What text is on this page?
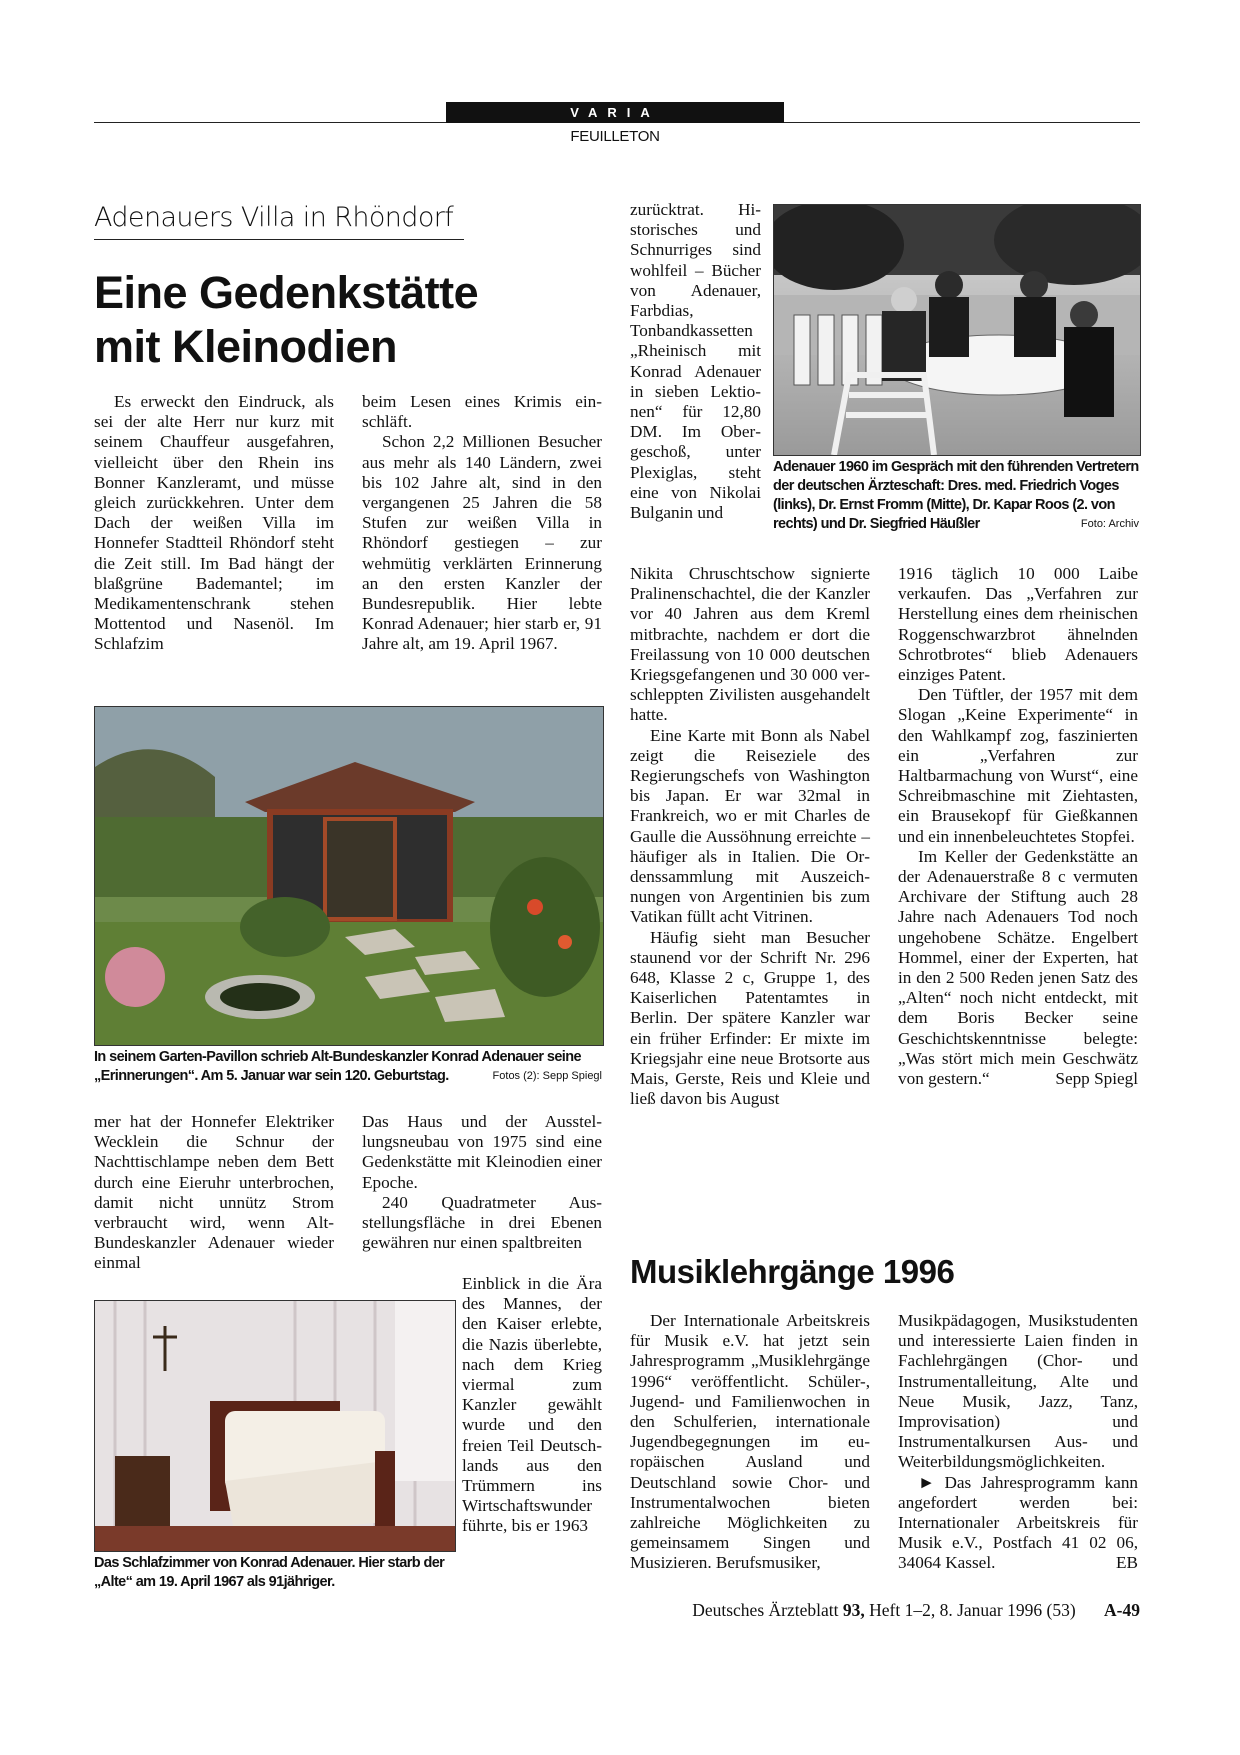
VARIA
FEUILLETON
Adenauers Villa in Rhöndorf
Eine Gedenkstätte
mit Kleinodien

Es erweckt den Eindruck, als sei der alte Herr nur kurz mit seinem Chauffeur ausgefahren, vielleicht über den Rhein ins Bonner Kanzleramt, und müsse gleich zurückkehren. Unter dem Dach der weißen Villa im Honnefer Stadtteil Rhöndorf steht die Zeit still. Im Bad hängt der blaßgrüne Bademantel; im Medikamentenschrank stehen Mottentod und Nasenöl. Im Schlafzim

beim Lesen eines Krimis einschläft.

Schon 2,2 Millionen Besucher aus mehr als 140 Ländern, zwei bis 102 Jahre alt, sind in den vergangenen 25 Jahren die 58 Stufen zur weißen Villa in Rhöndorf gestiegen – zur wehmütig verklärten Erinnerung an den ersten Kanzler der Bundesrepublik. Hier lebte Konrad Adenauer; hier starb er, 91 Jahre alt, am 19. April 1967.

zurücktrat. Historisches und Schnurriges sind wohlfeil – Bücher von Adenauer, Farbdias, Tonbandkassetten „Rheinisch mit Konrad Adenauer in sieben Lektionen“ für 12,80 DM. Im Obergeschoß, unter Plexiglas, steht eine von Nikolai Bulganin und

Adenauer 1960 im Gespräch mit den führenden Vertretern der deutschen Ärzteschaft: Dres. med. Friedrich Voges (links), Dr. Ernst Fromm (Mitte), Dr. Kapar Roos (2. von rechts) und Dr. Siegfried Häußler	Foto: Archiv
In seinem Garten-Pavillon schrieb Alt-Bundeskanzler Konrad Adenauer seine „Erinnerungen“. Am 5. Januar war sein 120. Geburtstag.	Fotos (2): Sepp Spiegl

mer hat der Honnefer Elektriker Wecklein die Schnur der Nachttischlampe neben dem Bett durch eine Eieruhr unterbrochen, damit nicht unnütz Strom verbraucht wird, wenn Alt-Bundeskanzler Adenauer wieder einmal

Das Haus und der Ausstellungsneubau von 1975 sind eine Gedenkstätte mit Kleinodien einer Epoche.

240 Quadratmeter Ausstellungsfläche in drei Ebenen gewähren nur einen spaltbreiten

Einblick in die Ära des Mannes, der den Kaiser erlebte, die Nazis überlebte, nach dem Krieg viermal zum Kanzler gewählt wurde und den freien Teil Deutschlands aus den Trümmern ins Wirtschaftswunder führte, bis er 1963

Das Schlafzimmer von Konrad Adenauer. Hier starb der „Alte“ am 19. April 1967 als 91jähriger.

Nikita Chruschtschow signierte Pralinenschachtel, die der Kanzler vor 40 Jahren aus dem Kreml mitbrachte, nachdem er dort die Freilassung von 10 000 deutschen Kriegsgefangenen und 30 000 verschleppten Zivilisten ausgehandelt hatte.

Eine Karte mit Bonn als Nabel zeigt die Reiseziele des Regierungschefs von Washington bis Japan. Er war 32mal in Frankreich, wo er mit Charles de Gaulle die Aussöhnung erreichte – häufiger als in Italien. Die Ordenssammlung mit Auszeichnungen von Argentinien bis zum Vatikan füllt acht Vitrinen.

Häufig sieht man Besucher staunend vor der Schrift Nr. 296 648, Klasse 2 c, Gruppe 1, des Kaiserlichen Patentamtes in Berlin. Der spätere Kanzler war ein früher Erfinder: Er mixte im Kriegsjahr eine neue Brotsorte aus Mais, Gerste, Reis und Kleie und ließ davon bis August

1916 täglich 10 000 Laibe verkaufen. Das „Verfahren zur Herstellung eines dem rheinischen Roggenschwarzbrot ähnelnden Schrotbrotes“ blieb Adenauers einziges Patent.

Den Tüftler, der 1957 mit dem Slogan „Keine Experimente“ in den Wahlkampf zog, faszinierten ein „Verfahren zur Haltbarmachung von Wurst“, eine Schreibmaschine mit Ziehtasten, ein Brausekopf für Gießkannen und ein innenbeleuchtetes Stopfei.

Im Keller der Gedenkstätte an der Adenauerstraße 8 c vermuten Archivare der Stiftung auch 28 Jahre nach Adenauers Tod noch ungehobene Schätze. Engelbert Hommel, einer der Experten, hat in den 2 500 Reden jenen Satz des „Alten“ noch nicht entdeckt, mit dem Boris Becker seine Geschichtskenntnisse belegte: „Was stört mich mein Geschwätz von gestern.“	Sepp Spiegl

Musiklehrgänge 1996

Der Internationale Arbeitskreis für Musik e.V. hat jetzt sein Jahresprogramm „Musiklehrgänge 1996“ veröffentlicht. Schüler-, Jugend- und Familienwochen in den Schulferien, internationale Jugendbegegnungen im europäischen Ausland und Deutschland sowie Chor- und Instrumentalwochen bieten zahlreiche Möglichkeiten zu gemeinsamem Singen und Musizieren. Berufsmusiker,

Musikpädagogen, Musikstudenten und interessierte Laien finden in Fachlehrgängen (Chor- und Instrumentalleitung, Alte und Neue Musik, Jazz, Tanz, Improvisation) und Instrumentalkursen Aus- und Weiterbildungsmöglichkeiten.

► Das Jahresprogramm kann angefordert werden bei: Internationaler Arbeitskreis für Musik e.V., Postfach 41 02 06, 34064 Kassel.	EB

Deutsches Ärzteblatt 93, Heft 1–2, 8. Januar 1996 (53) A-49
